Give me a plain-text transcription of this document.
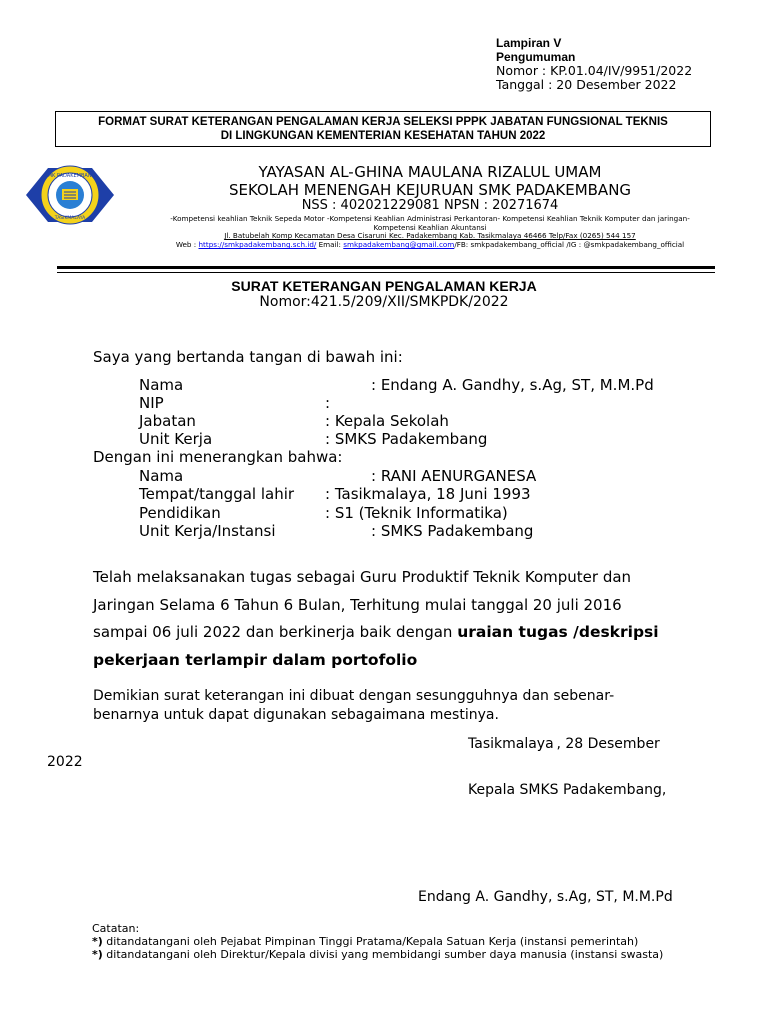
Lampiran V
Pengumuman
Nomor : KP.01.04/IV/9951/2022
Tanggal : 20 Desember 2022
FORMAT SURAT KETERANGAN PENGALAMAN KERJA SELEKSI PPPK JABATAN FUNGSIONAL TEKNIS
DI LINGKUNGAN KEMENTERIAN KESEHATAN TAHUN 2022
SMK PADAKEMBANG
TASIKMALAYA
YAYASAN AL-GHINA MAULANA RIZALUL UMAM
SEKOLAH MENENGAH KEJURUAN SMK PADAKEMBANG
NSS : 402021229081 NPSN : 20271674
-Kompetensi keahlian Teknik Sepeda Motor -Kompetensi Keahlian Administrasi Perkantoran- Kompetensi Keahlian Teknik Komputer dan jaringan-
Kompetensi Keahlian Akuntansi
Jl. Batubelah Komp Kecamatan Desa Cisaruni Kec. Padakembang Kab. Tasikmalaya 46466 Telp/Fax (0265) 544 157
Web : https://smkpadakembang.sch.id/ Email: smkpadakembang@gmail.com/FB: smkpadakembang_official /IG : @smkpadakembang_official
SURAT KETERANGAN PENGALAMAN KERJA
Nomor:421.5/209/XII/SMKPDK/2022
Saya yang bertanda tangan di bawah ini:
Nama	: Endang A. Gandhy, s.Ag, ST, M.M.Pd
NIP	:
Jabatan	: Kepala Sekolah
Unit Kerja	: SMKS Padakembang
Dengan ini menerangkan bahwa:
Nama	: RANI AENURGANESA
Tempat/tanggal lahir : Tasikmalaya, 18 Juni 1993
Pendidikan	: S1 (Teknik Informatika)
Unit Kerja/Instansi	: SMKS Padakembang
Telah melaksanakan tugas sebagai Guru Produktif Teknik Komputer dan
Jaringan Selama 6 Tahun 6 Bulan, Terhitung mulai tanggal 20 juli 2016
sampai 06 juli 2022 dan berkinerja baik dengan uraian tugas /deskripsi
pekerjaan terlampir dalam portofolio
Demikian surat keterangan ini dibuat dengan sesungguhnya dan sebenar-
benarnya untuk dapat digunakan sebagaimana mestinya.
Tasikmalaya , 28 Desember
2022
Kepala SMKS Padakembang,
Endang A. Gandhy, s.Ag, ST, M.M.Pd
Catatan:
*) ditandatangani oleh Pejabat Pimpinan Tinggi Pratama/Kepala Satuan Kerja (instansi pemerintah)
*) ditandatangani oleh Direktur/Kepala divisi yang membidangi sumber daya manusia (instansi swasta)
